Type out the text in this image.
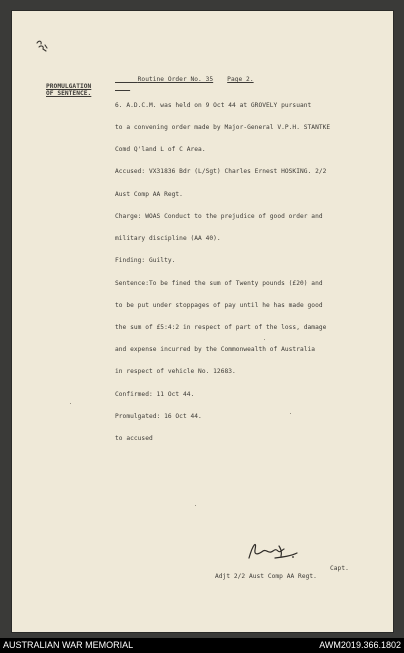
Routine Order No. 35 Page 2.

PROMULGATION
OF SENTENCE.

6. A.D.C.M. was held on 9 Oct 44 at GROVELY pursuant

to a convening order made by Major-General V.P.H. STANTKE

Comd Q'land L of C Area.

Accused: VX31836 Bdr (L/Sgt) Charles Ernest HOSKING. 2/2

Aust Comp AA Regt.

Charge: WOAS Conduct to the prejudice of good order and

military discipline (AA 40).

Finding: Guilty.

Sentence:To be fined the sum of Twenty pounds (£20) and

to be put under stoppages of pay until he has made good

the sum of £5:4:2 in respect of part of the loss, damage

and expense incurred by the Commonwealth of Australia

in respect of vehicle No. 12683.

Confirmed: 11 Oct 44.

Promulgated: 16 Oct 44.

to accused

Capt.
Adjt 2/2 Aust Comp AA Regt.
AUSTRALIAN WAR MEMORIAL	AWM2019.366.1802
